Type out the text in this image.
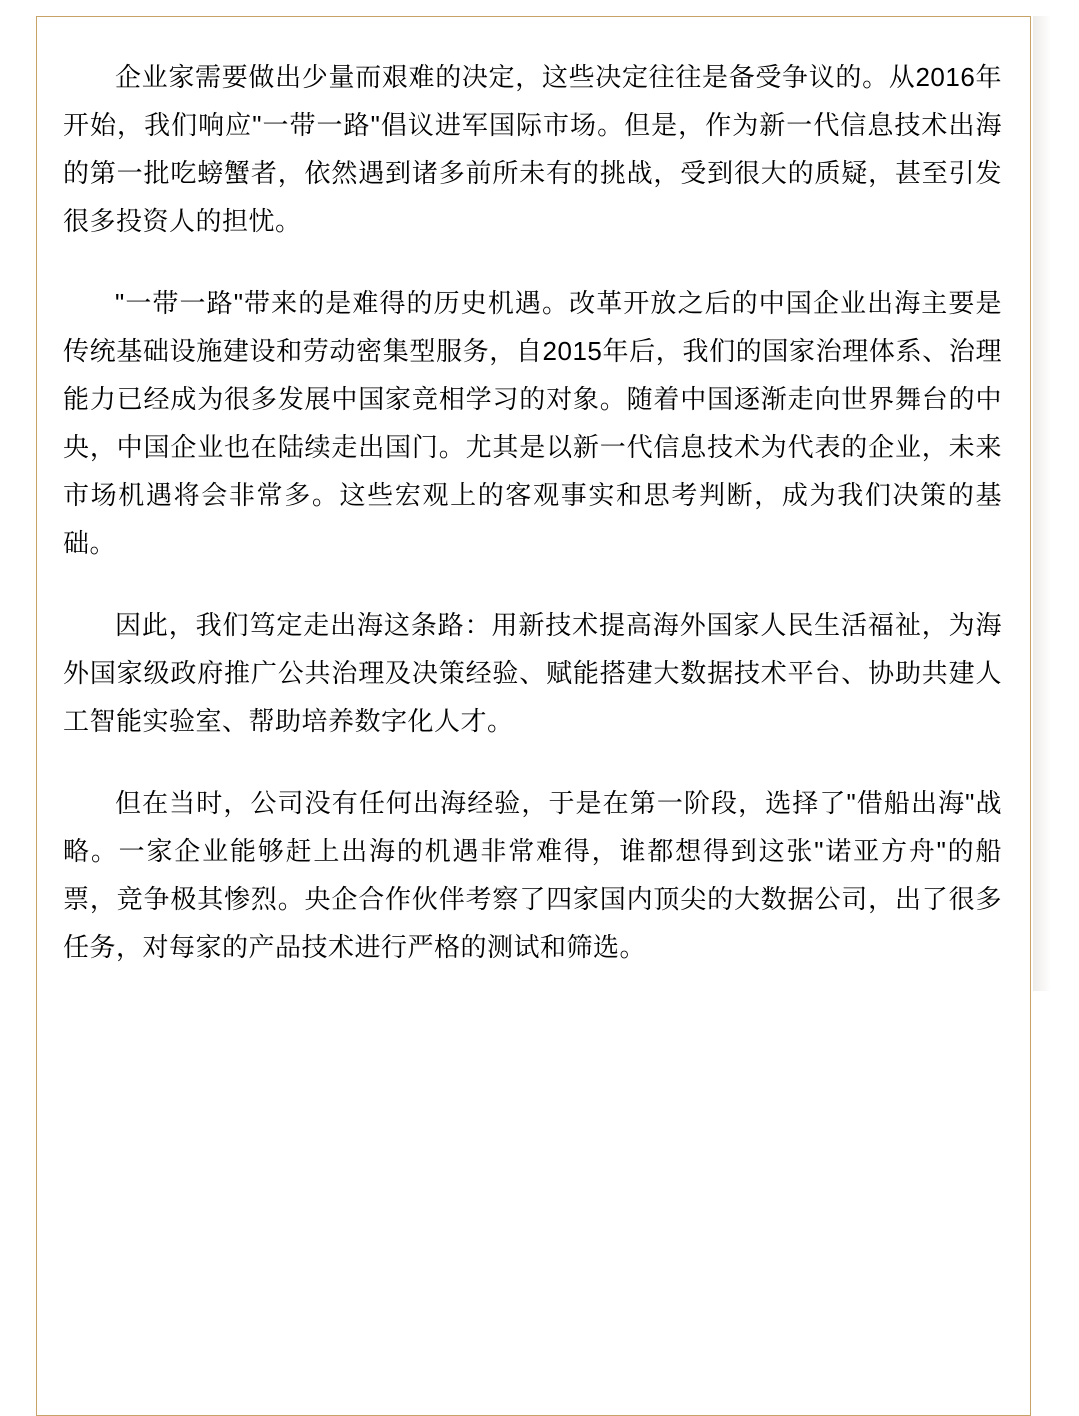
企业家需要做出少量而艰难的决定，这些决定往往是备受争议的。从2016年开始，我们响应"一带一路"倡议进军国际市场。但是，作为新一代信息技术出海的第一批吃螃蟹者，依然遇到诸多前所未有的挑战，受到很大的质疑，甚至引发很多投资人的担忧。

"一带一路"带来的是难得的历史机遇。改革开放之后的中国企业出海主要是传统基础设施建设和劳动密集型服务，自2015年后，我们的国家治理体系、治理能力已经成为很多发展中国家竞相学习的对象。随着中国逐渐走向世界舞台的中央，中国企业也在陆续走出国门。尤其是以新一代信息技术为代表的企业，未来市场机遇将会非常多。这些宏观上的客观事实和思考判断，成为我们决策的基础。

因此，我们笃定走出海这条路：用新技术提高海外国家人民生活福祉，为海外国家级政府推广公共治理及决策经验、赋能搭建大数据技术平台、协助共建人工智能实验室、帮助培养数字化人才。

但在当时，公司没有任何出海经验，于是在第一阶段，选择了"借船出海"战略。一家企业能够赶上出海的机遇非常难得，谁都想得到这张"诺亚方舟"的船票，竞争极其惨烈。央企合作伙伴考察了四家国内顶尖的大数据公司，出了很多任务，对每家的产品技术进行严格的测试和筛选。
